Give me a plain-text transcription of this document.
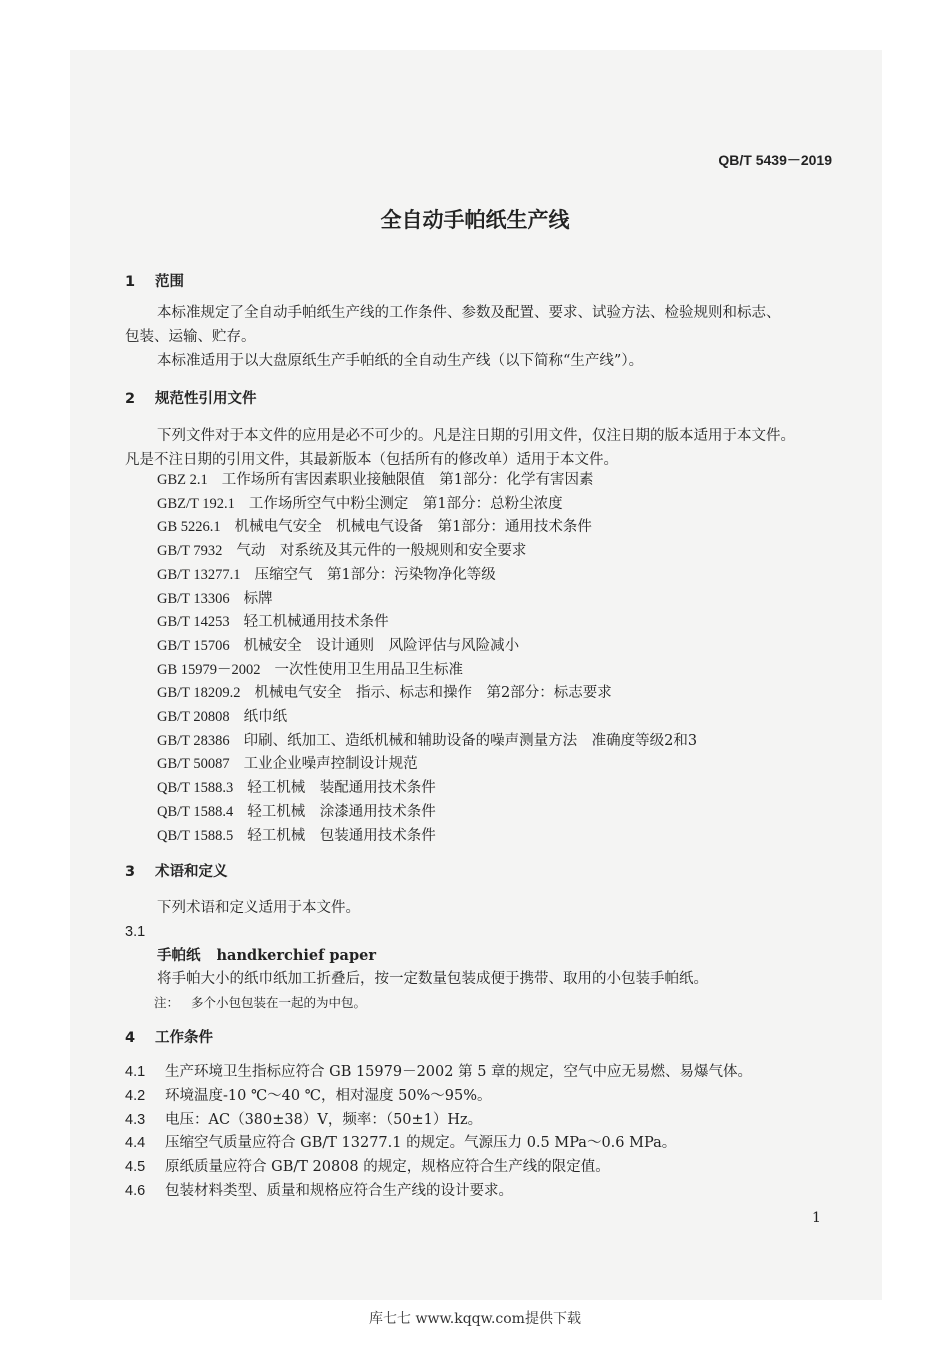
QB/T 5439－2019
全自动手帕纸生产线
1 范围
本标准规定了全自动手帕纸生产线的工作条件、参数及配置、要求、试验方法、检验规则和标志、
包装、运输、贮存。
本标准适用于以大盘原纸生产手帕纸的全自动生产线（以下简称“生产线”）。
2 规范性引用文件
下列文件对于本文件的应用是必不可少的。凡是注日期的引用文件，仅注日期的版本适用于本文件。
凡是不注日期的引用文件，其最新版本（包括所有的修改单）适用于本文件。
GBZ 2.1 工作场所有害因素职业接触限值　第1部分：化学有害因素
GBZ/T 192.1 工作场所空气中粉尘测定　第1部分：总粉尘浓度
GB 5226.1 机械电气安全　机械电气设备　第1部分：通用技术条件
GB/T 7932 气动　对系统及其元件的一般规则和安全要求
GB/T 13277.1 压缩空气　第1部分：污染物净化等级
GB/T 13306 标牌
GB/T 14253 轻工机械通用技术条件
GB/T 15706 机械安全　设计通则　风险评估与风险减小
GB 15979－2002 一次性使用卫生用品卫生标准
GB/T 18209.2 机械电气安全　指示、标志和操作　第2部分：标志要求
GB/T 20808 纸巾纸
GB/T 28386 印刷、纸加工、造纸机械和辅助设备的噪声测量方法　准确度等级2和3
GB/T 50087 工业企业噪声控制设计规范
QB/T 1588.3 轻工机械　装配通用技术条件
QB/T 1588.4 轻工机械　涂漆通用技术条件
QB/T 1588.5 轻工机械　包装通用技术条件
3 术语和定义
下列术语和定义适用于本文件。
3.1
手帕纸 handkerchief paper
将手帕大小的纸巾纸加工折叠后，按一定数量包装成便于携带、取用的小包装手帕纸。
注： 多个小包包装在一起的为中包。
4 工作条件
4.1 生产环境卫生指标应符合 GB 15979－2002 第 5 章的规定，空气中应无易燃、易爆气体。
4.2 环境温度-10 ℃～40 ℃，相对湿度 50%～95%。
4.3 电压：AC（380±38）V，频率：（50±1）Hz。
4.4 压缩空气质量应符合 GB/T 13277.1 的规定。气源压力 0.5 MPa～0.6 MPa。
4.5 原纸质量应符合 GB/T 20808 的规定，规格应符合生产线的限定值。
4.6 包装材料类型、质量和规格应符合生产线的设计要求。
1
库七七 www.kqqw.com提供下载
